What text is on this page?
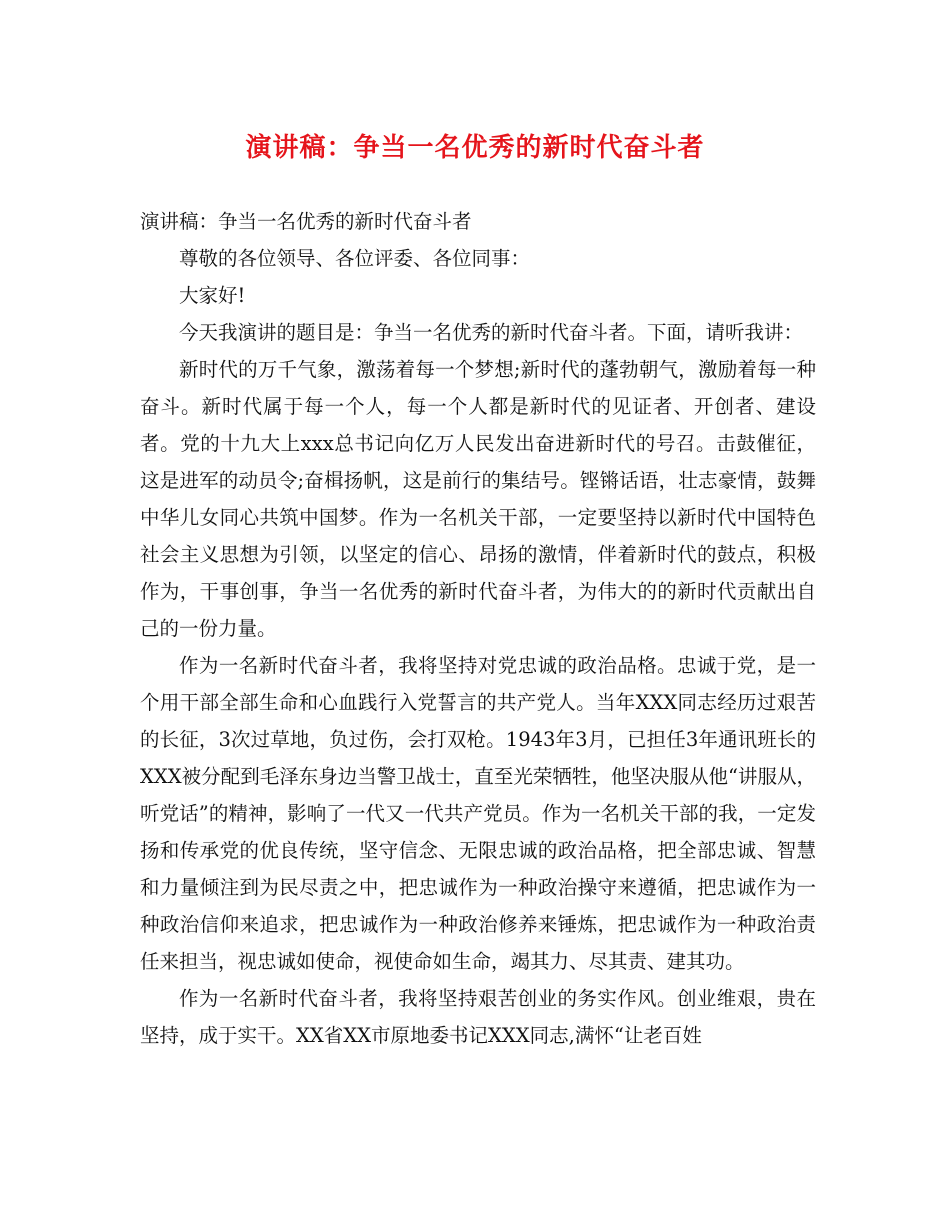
演讲稿：争当一名优秀的新时代奋斗者

演讲稿：争当一名优秀的新时代奋斗者

尊敬的各位领导、各位评委、各位同事：

大家好!

今天我演讲的题目是：争当一名优秀的新时代奋斗者。下面，请听我讲：

新时代的万千气象，激荡着每一个梦想;新时代的蓬勃朝气，激励着每一种奋斗。新时代属于每一个人，每一个人都是新时代的见证者、开创者、建设者。党的十九大上xxx总书记向亿万人民发出奋进新时代的号召。击鼓催征，这是进军的动员令;奋楫扬帆，这是前行的集结号。铿锵话语，壮志豪情，鼓舞中华儿女同心共筑中国梦。作为一名机关干部，一定要坚持以新时代中国特色社会主义思想为引领，以坚定的信心、昂扬的激情，伴着新时代的鼓点，积极作为，干事创事，争当一名优秀的新时代奋斗者，为伟大的的新时代贡献出自己的一份力量。

作为一名新时代奋斗者，我将坚持对党忠诚的政治品格。忠诚于党，是一个用干部全部生命和心血践行入党誓言的共产党人。当年XXX同志经历过艰苦的长征，3次过草地，负过伤，会打双枪。1943年3月，已担任3年通讯班长的XXX被分配到毛泽东身边当警卫战士，直至光荣牺牲，他坚决服从他“讲服从，听党话”的精神，影响了一代又一代共产党员。作为一名机关干部的我，一定发扬和传承党的优良传统，坚守信念、无限忠诚的政治品格，把全部忠诚、智慧和力量倾注到为民尽责之中，把忠诚作为一种政治操守来遵循，把忠诚作为一种政治信仰来追求，把忠诚作为一种政治修养来锤炼，把忠诚作为一种政治责任来担当，视忠诚如使命，视使命如生命，竭其力、尽其责、建其功。

作为一名新时代奋斗者，我将坚持艰苦创业的务实作风。创业维艰，贵在坚持，成于实干。XX省XX市原地委书记XXX同志,满怀“让老百姓
